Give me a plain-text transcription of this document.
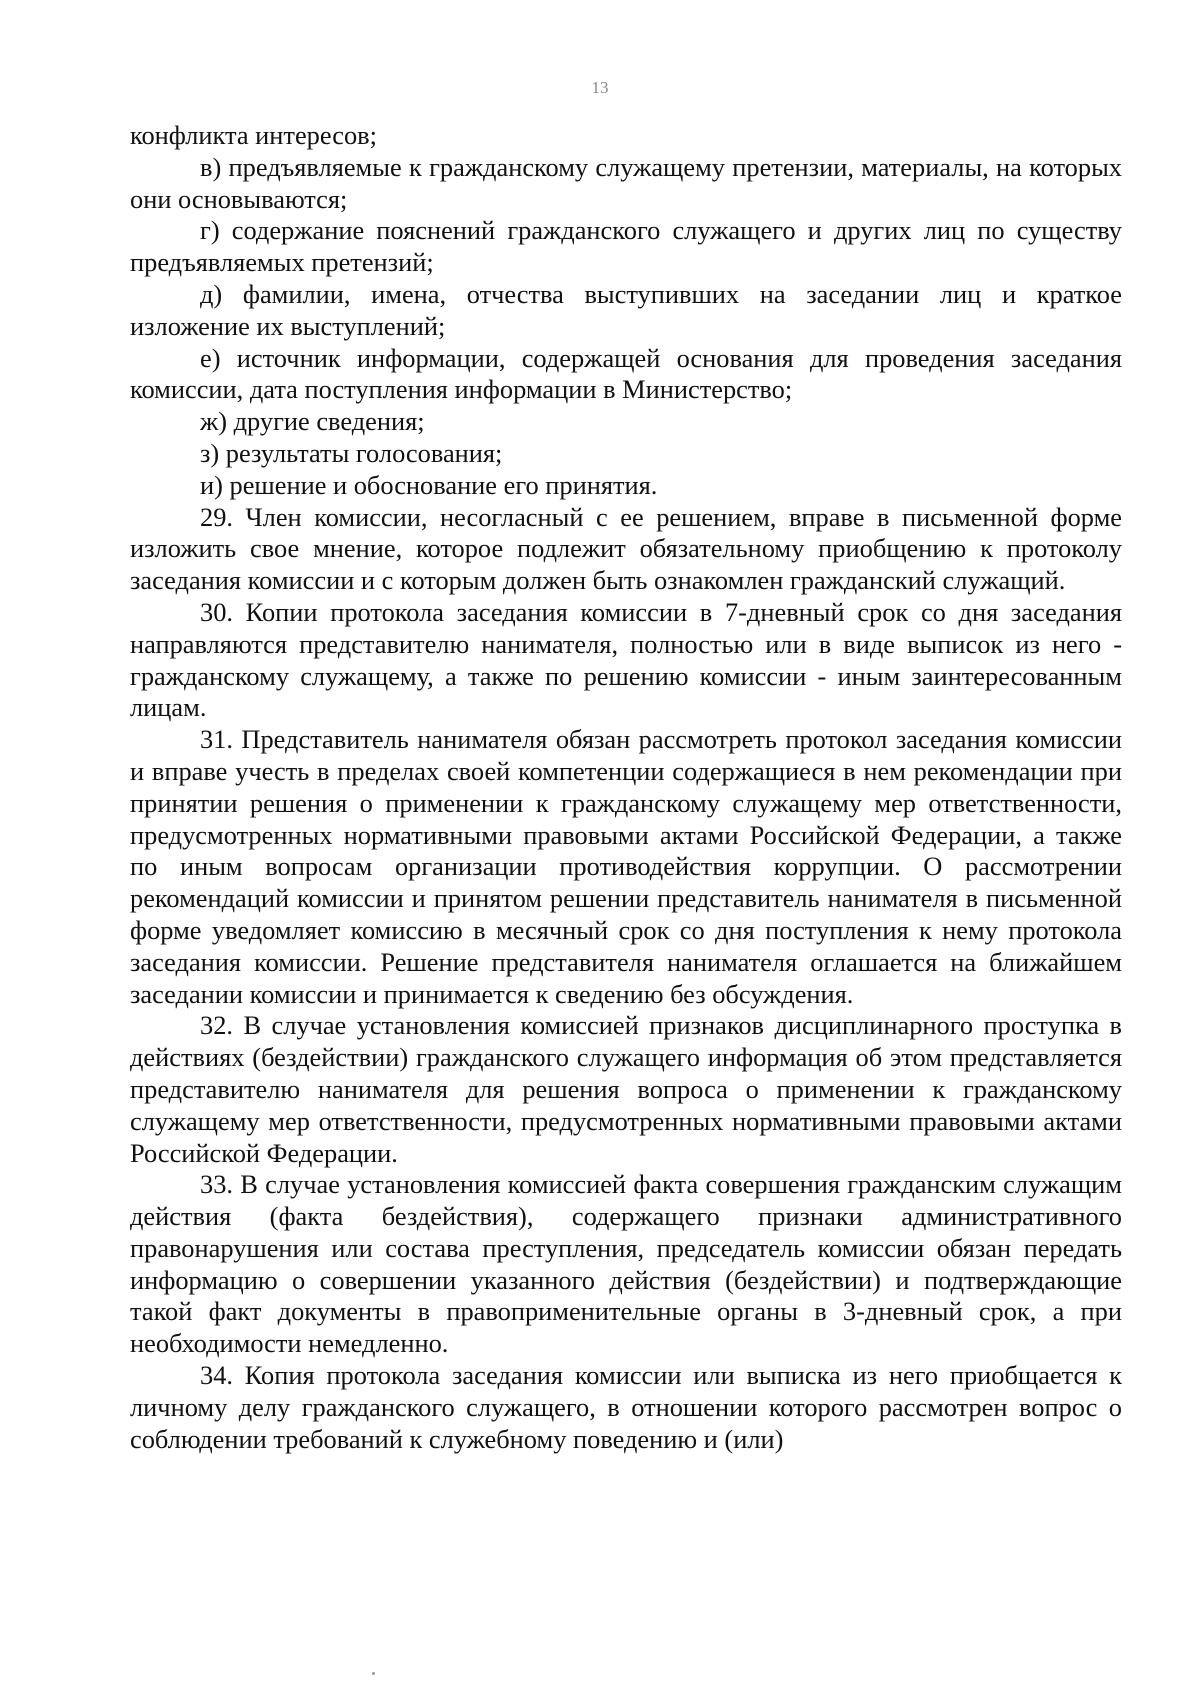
13

конфликта интересов;

в) предъявляемые к гражданскому служащему претензии, материалы, на которых они основываются;

г) содержание пояснений гражданского служащего и других лиц по существу предъявляемых претензий;

д) фамилии, имена, отчества выступивших на заседании лиц и краткое изложение их выступлений;

е) источник информации, содержащей основания для проведения заседания комиссии, дата поступления информации в Министерство;

ж) другие сведения;

з) результаты голосования;

и) решение и обоснование его принятия.

29. Член комиссии, несогласный с ее решением, вправе в письменной форме изложить свое мнение, которое подлежит обязательному приобщению к протоколу заседания комиссии и с которым должен быть ознакомлен гражданский служащий.

30. Копии протокола заседания комиссии в 7-дневный срок со дня заседания направляются представителю нанимателя, полностью или в виде выписок из него - гражданскому служащему, а также по решению комиссии - иным заинтересованным лицам.

31. Представитель нанимателя обязан рассмотреть протокол заседания комиссии и вправе учесть в пределах своей компетенции содержащиеся в нем рекомендации при принятии решения о применении к гражданскому служащему мер ответственности, предусмотренных нормативными правовыми актами Российской Федерации, а также по иным вопросам организации противодействия коррупции. О рассмотрении рекомендаций комиссии и принятом решении представитель нанимателя в письменной форме уведомляет комиссию в месячный срок со дня поступления к нему протокола заседания комиссии. Решение представителя нанимателя оглашается на ближайшем заседании комиссии и принимается к сведению без обсуждения.

32. В случае установления комиссией признаков дисциплинарного проступка в действиях (бездействии) гражданского служащего информация об этом представляется представителю нанимателя для решения вопроса о применении к гражданскому служащему мер ответственности, предусмотренных нормативными правовыми актами Российской Федерации.

33. В случае установления комиссией факта совершения гражданским служащим действия (факта бездействия), содержащего признаки административного правонарушения или состава преступления, председатель комиссии обязан передать информацию о совершении указанного действия (бездействии) и подтверждающие такой факт документы в правоприменительные органы в 3-дневный срок, а при необходимости немедленно.

34. Копия протокола заседания комиссии или выписка из него приобщается к личному делу гражданского служащего, в отношении которого рассмотрен вопрос о соблюдении требований к служебному поведению и (или)
